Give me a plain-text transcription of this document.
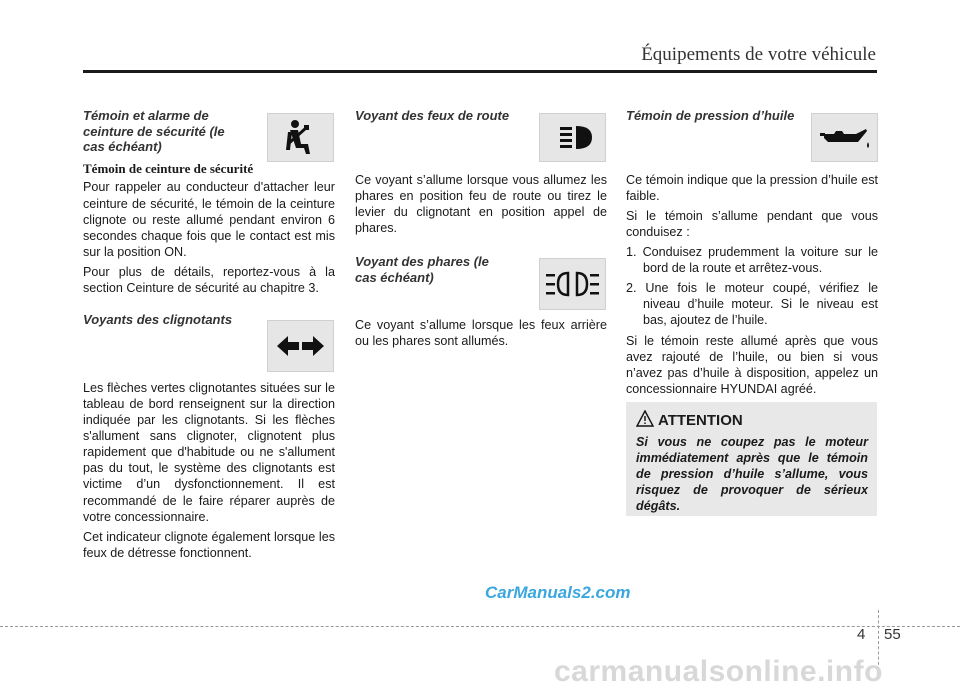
Équipements de votre véhicule
Témoin et alarme de ceinture de sécurité (le cas échéant)
Témoin de ceinture de sécurité

Pour rappeler au conducteur d'attacher leur ceinture de sécurité, le témoin de la ceinture clignote ou reste allumé pendant environ 6 secondes chaque fois que le contact est mis sur la position ON.

Pour plus de détails, reportez-vous à la section Ceinture de sécurité au chapitre 3.

Voyants des clignotants

Les flèches vertes clignotantes situées sur le tableau de bord renseignent sur la direction indiquée par les clignotants. Si les flèches s'allument sans clignoter, clignotent plus rapidement que d'habitude ou ne s'allument pas du tout, le système des clignotants est victime d’un dysfonctionnement. Il est recommandé de le faire réparer auprès de votre concessionnaire.

Cet indicateur clignote également lorsque les feux de détresse fonctionnent.

Voyant des feux de route

Ce voyant s’allume lorsque vous allumez les phares en position feu de route ou tirez le levier du clignotant en position appel de phares.

Voyant des phares (le cas échéant)

Ce voyant s’allume lorsque les feux arrière ou les phares sont allumés.

Témoin de pression d’huile

Ce témoin indique que la pression d’huile est faible.

Si le témoin s’allume pendant que vous conduisez :

1. Conduisez prudemment la voiture sur le bord de la route et arrêtez-vous.

2. Une fois le moteur coupé, vérifiez le niveau d’huile moteur. Si le niveau est bas, ajoutez de l’huile.

Si le témoin reste allumé après que vous avez rajouté de l’huile, ou bien si vous n’avez pas d’huile à disposition, appelez un concessionnaire HYUNDAI agréé.

ATTENTION
Si vous ne coupez pas le moteur immédiatement après que le témoin de pression d’huile s’allume, vous risquez de provoquer de sérieux dégâts.
CarManuals2.com
4 55
carmanualsonline.info
